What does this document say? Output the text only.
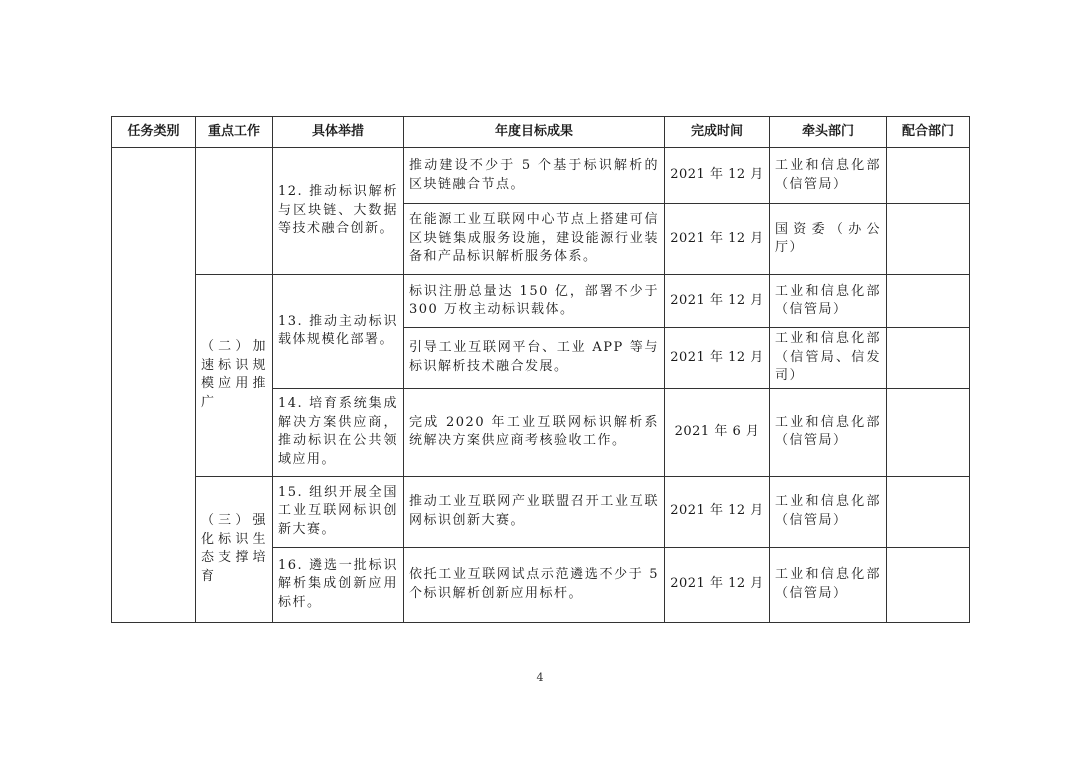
任务类别	重点工作	具体举措	年度目标成果	完成时间	牵头部门	配合部门
		12. 推动标识解析与区块链、大数据等技术融合创新。	推动建设不少于 5 个基于标识解析的区块链融合节点。	2021 年 12 月	工业和信息化部（信管局）	
			在能源工业互联网中心节点上搭建可信区块链集成服务设施，建设能源行业装备和产品标识解析服务体系。	2021 年 12 月	国资委（办公厅）	
	（二）加速标识规模应用推广	13. 推动主动标识载体规模化部署。	标识注册总量达 150 亿，部署不少于 300 万枚主动标识载体。	2021 年 12 月	工业和信息化部（信管局）	
			引导工业互联网平台、工业 APP 等与标识解析技术融合发展。	2021 年 12 月	工业和信息化部（信管局、信发司）	
		14. 培育系统集成解决方案供应商，推动标识在公共领域应用。	完成 2020 年工业互联网标识解析系统解决方案供应商考核验收工作。	2021 年 6 月	工业和信息化部（信管局）	
	（三）强化标识生态支撑培育	15. 组织开展全国工业互联网标识创新大赛。	推动工业互联网产业联盟召开工业互联网标识创新大赛。	2021 年 12 月	工业和信息化部（信管局）	
		16. 遴选一批标识解析集成创新应用标杆。	依托工业互联网试点示范遴选不少于 5 个标识解析创新应用标杆。	2021 年 12 月	工业和信息化部（信管局）	
4
